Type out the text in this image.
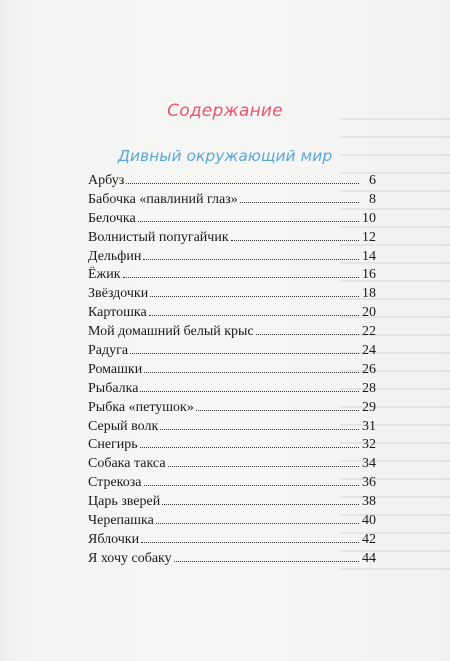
Содержание
Дивный окружающий мир
Арбуз	6
Бабочка «павлиний глаз»	8
Белочка	10
Волнистый попугайчик	12
Дельфин	14
Ёжик	16
Звёздочки	18
Картошка	20
Мой домашний белый крыс	22
Радуга	24
Ромашки	26
Рыбалка	28
Рыбка «петушок»	29
Серый волк	31
Снегирь	32
Собака такса	34
Стрекоза	36
Царь зверей	38
Черепашка	40
Яблочки	42
Я хочу собаку	44
